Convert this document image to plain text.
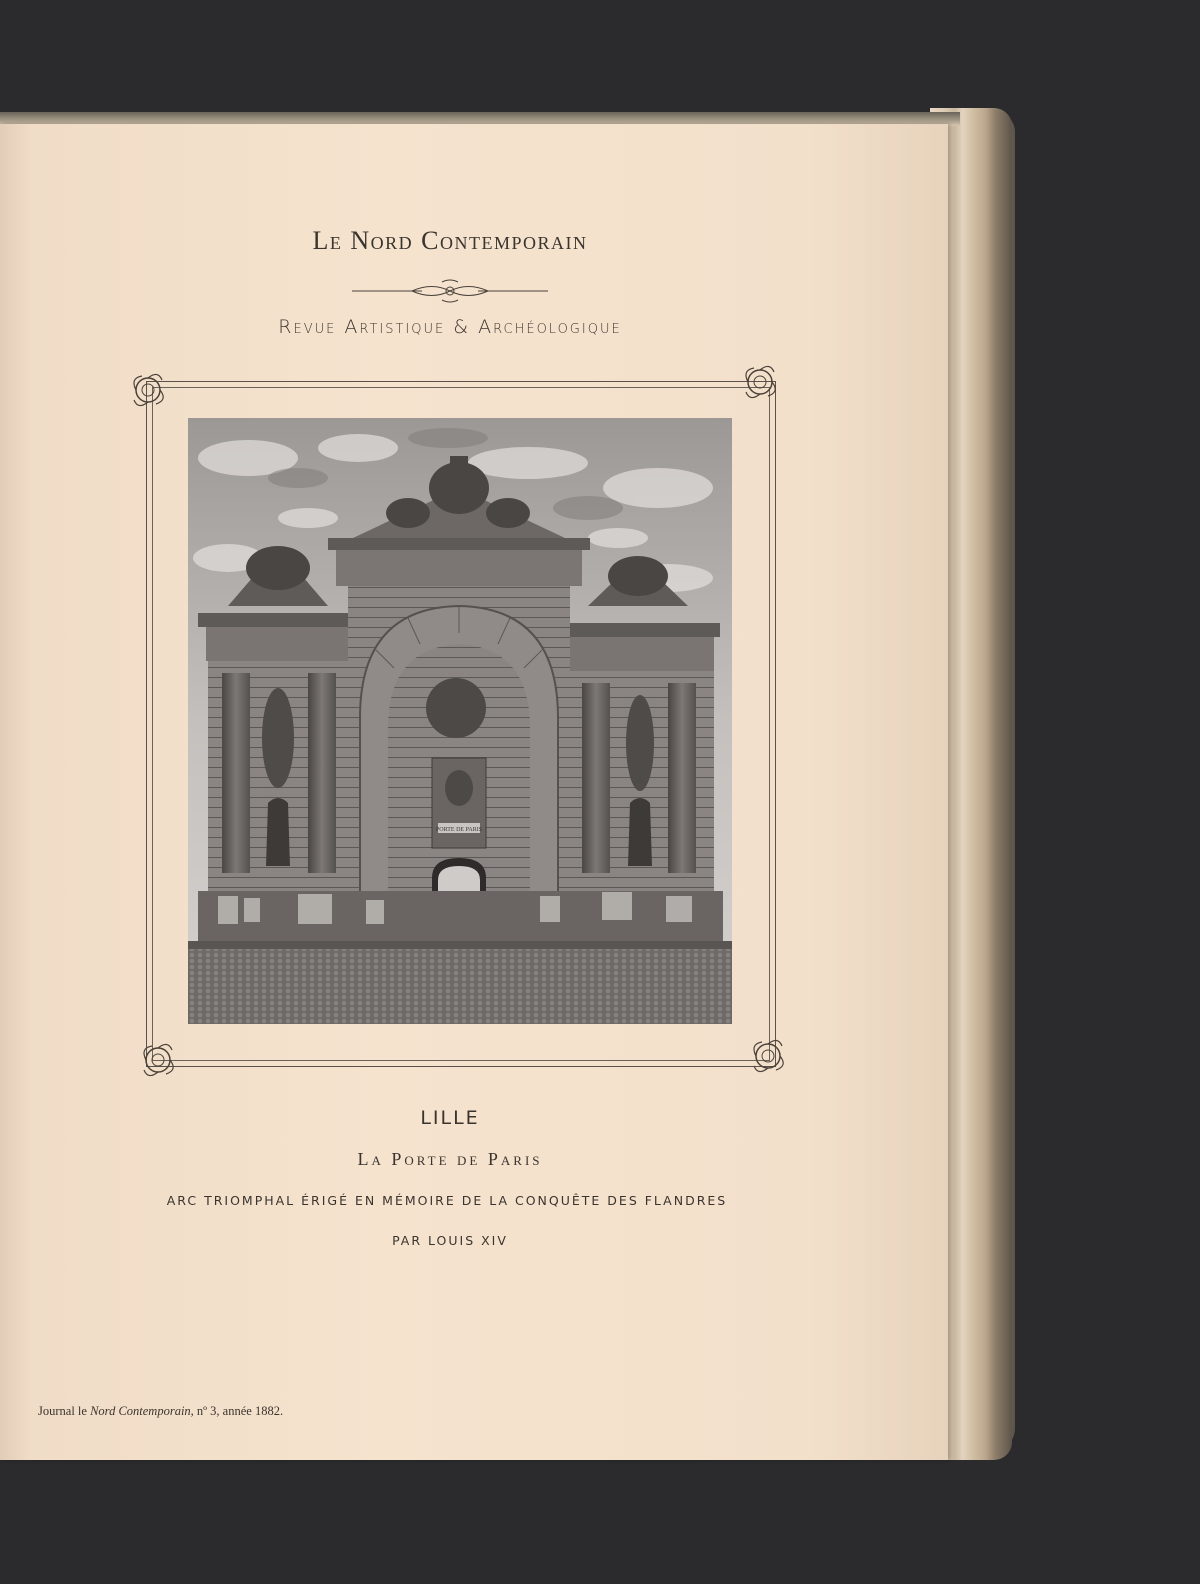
Le Nord Contemporain
Revue Artistique & Archéologique
PORTE DE PARIS
LILLE
La Porte de Paris
ARC TRIOMPHAL ÉRIGÉ EN MÉMOIRE DE LA CONQUÊTE DES FLANDRES
PAR LOUIS XIV
Journal le Nord Contemporain, nº 3, année 1882.
